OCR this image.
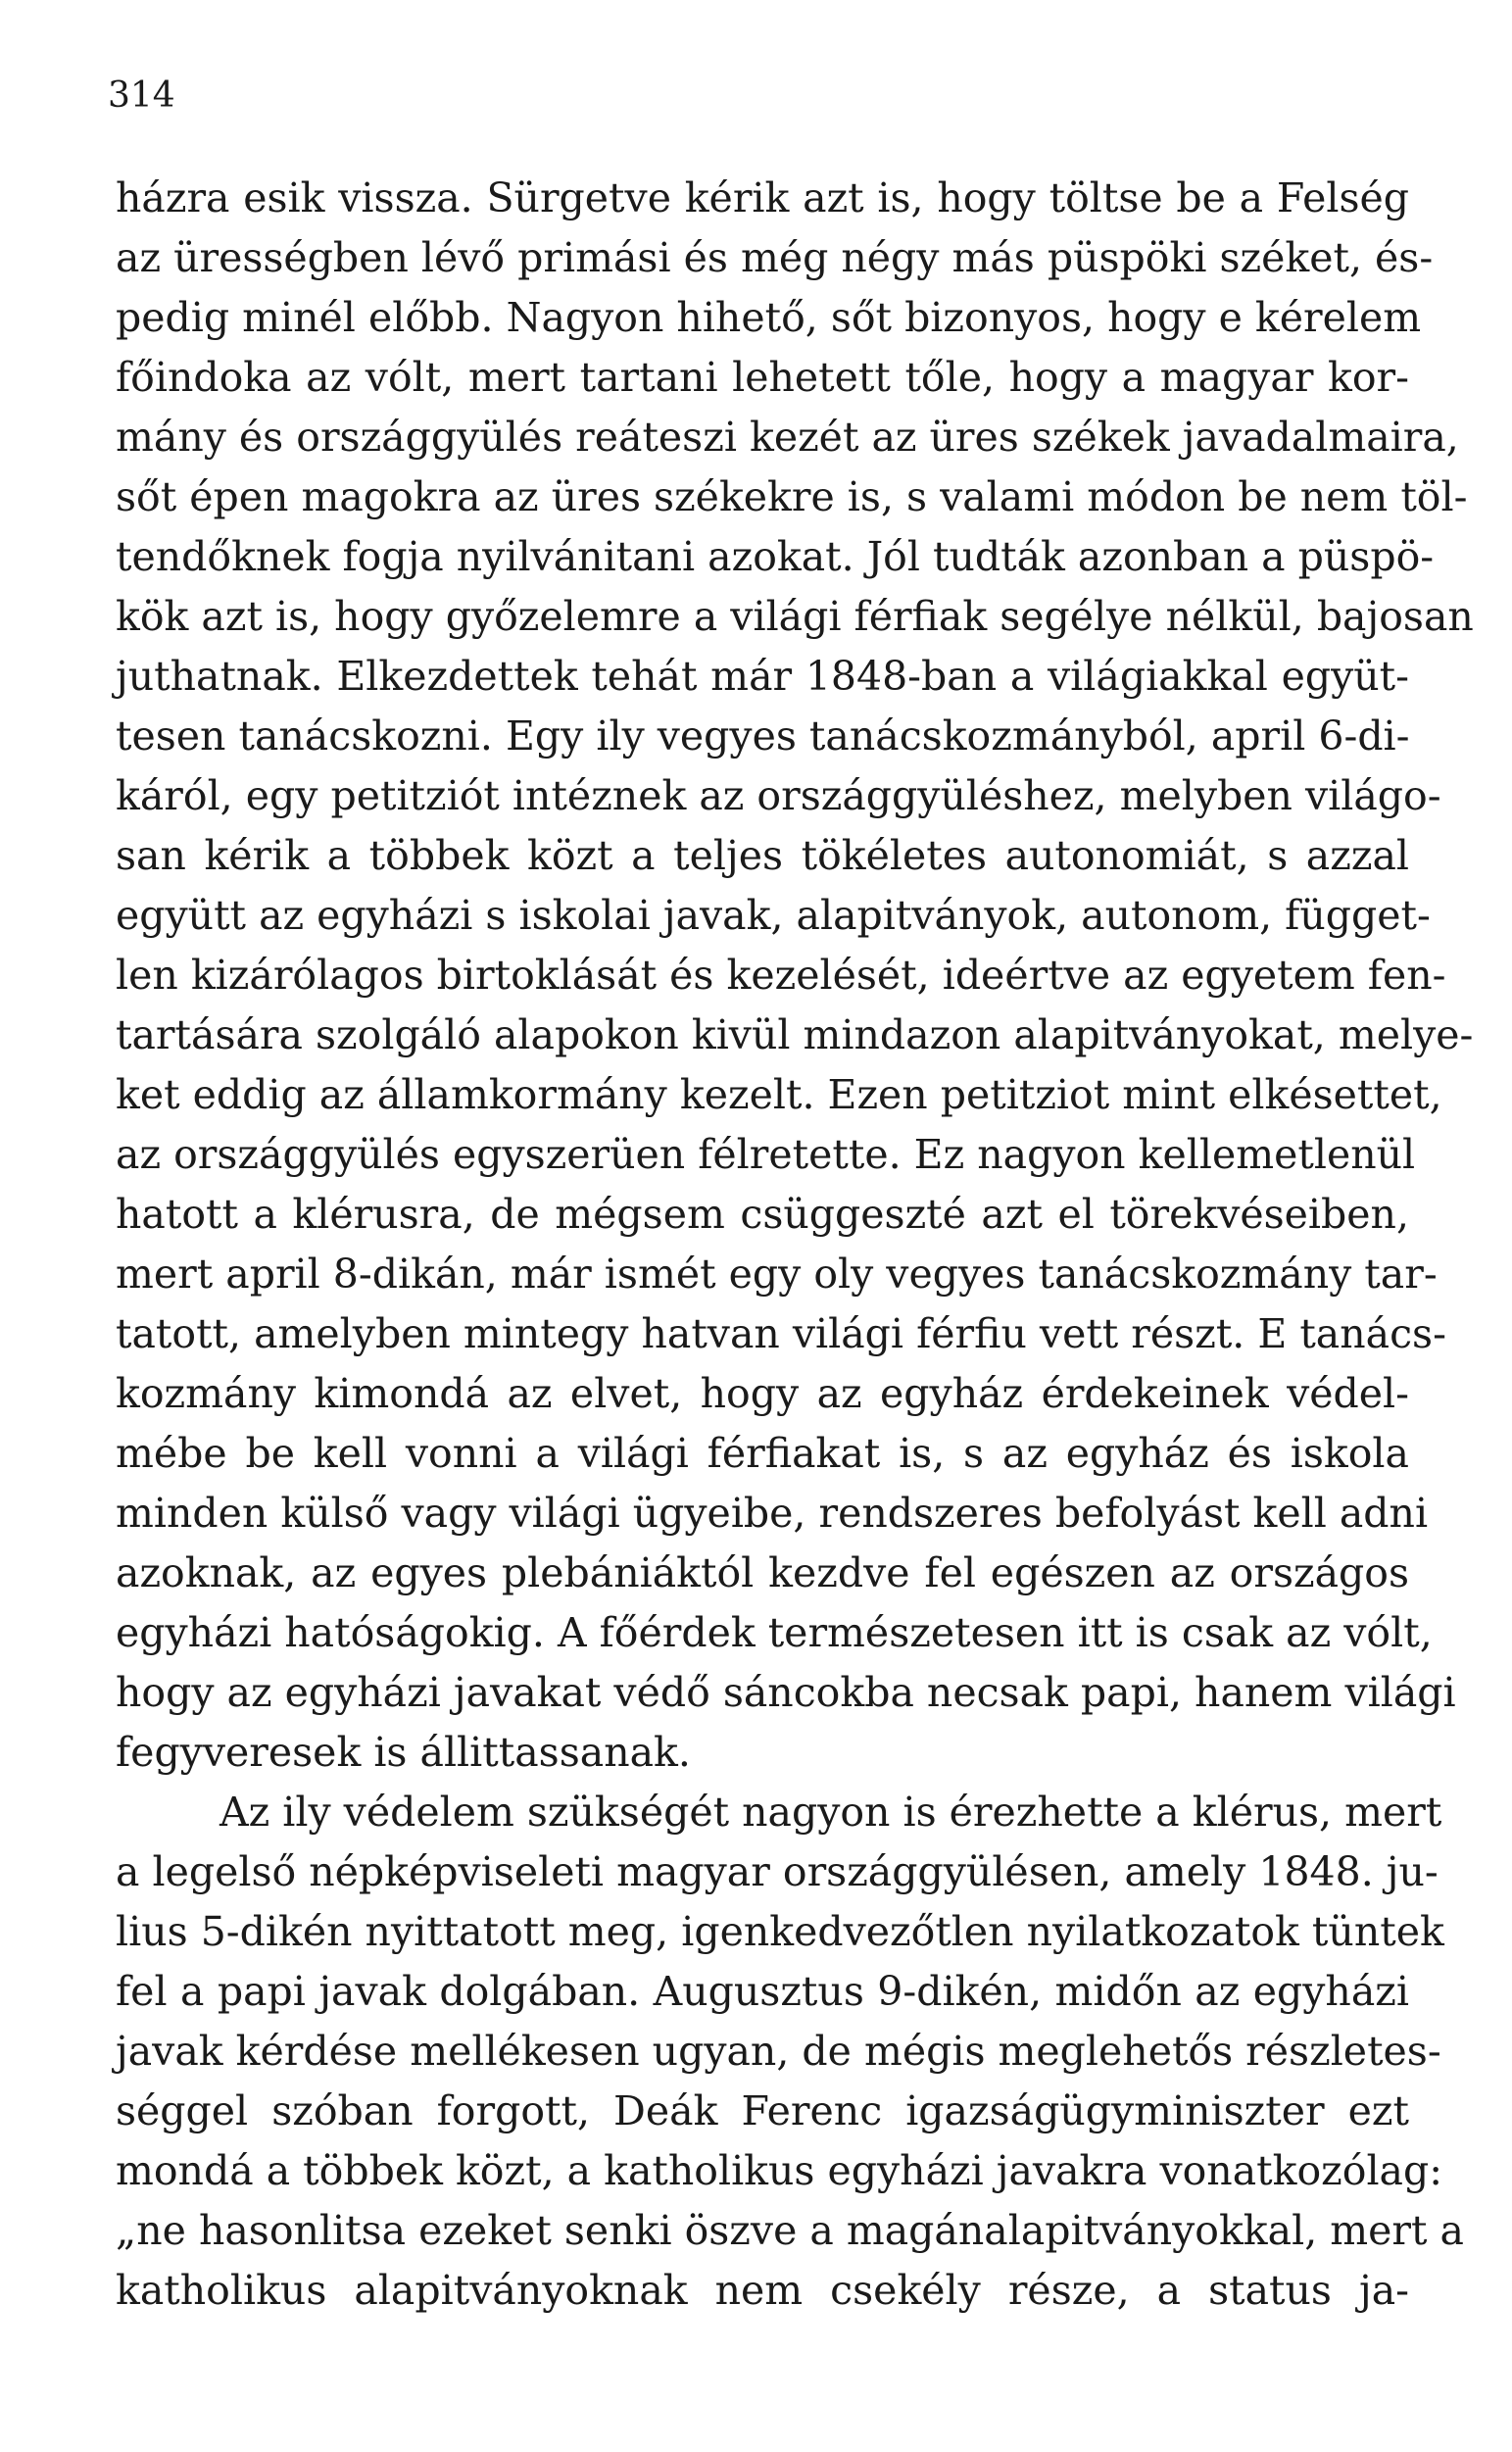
314
házra esik vissza. Sürgetve kérik azt is, hogy töltse be a Felség
az ürességben lévő primási és még négy más püspöki széket, és-
pedig minél előbb. Nagyon hihető, sőt bizonyos, hogy e kérelem
főindoka az vólt, mert tartani lehetett tőle, hogy a magyar kor-
mány és országgyülés reáteszi kezét az üres székek javadalmaira,
sőt épen magokra az üres székekre is, s valami módon be nem töl-
tendőknek fogja nyilvánitani azokat. Jól tudták azonban a püspö-
kök azt is, hogy győzelemre a világi férfiak segélye nélkül, bajosan
juthatnak. Elkezdettek tehát már 1848-ban a világiakkal együt-
tesen tanácskozni. Egy ily vegyes tanácskozmányból, april 6-di-
káról, egy petitziót intéznek az országgyüléshez, melyben világo-
san kérik a többek közt a teljes tökéletes autonomiát, s azzal
együtt az egyházi s iskolai javak, alapitványok, autonom, függet-
len kizárólagos birtoklását és kezelését, ideértve az egyetem fen-
tartására szolgáló alapokon kivül mindazon alapitványokat, melye-
ket eddig az államkormány kezelt. Ezen petitziot mint elkésettet,
az országgyülés egyszerüen félretette. Ez nagyon kellemetlenül
hatott a klérusra, de mégsem csüggeszté azt el törekvéseiben,
mert april 8-dikán, már ismét egy oly vegyes tanácskozmány tar-
tatott, amelyben mintegy hatvan világi férfiu vett részt. E tanács-
kozmány kimondá az elvet, hogy az egyház érdekeinek védel-
mébe be kell vonni a világi férfiakat is, s az egyház és iskola
minden külső vagy világi ügyeibe, rendszeres befolyást kell adni
azoknak, az egyes plebániáktól kezdve fel egészen az országos
egyházi hatóságokig. A főérdek természetesen itt is csak az vólt,
hogy az egyházi javakat védő sáncokba necsak papi, hanem világi
fegyveresek is állittassanak.
Az ily védelem szükségét nagyon is érezhette a klérus, mert
a legelső népképviseleti magyar országgyülésen, amely 1848. ju-
lius 5-dikén nyittatott meg, igenkedvezőtlen nyilatkozatok tüntek
fel a papi javak dolgában. Augusztus 9-dikén, midőn az egyházi
javak kérdése mellékesen ugyan, de mégis meglehetős részletes-
séggel szóban forgott, Deák Ferenc igazságügyminiszter ezt
mondá a többek közt, a katholikus egyházi javakra vonatkozólag:
„ne hasonlitsa ezeket senki öszve a magánalapitványokkal, mert a
katholikus alapitványoknak nem csekély része, a status ja-
